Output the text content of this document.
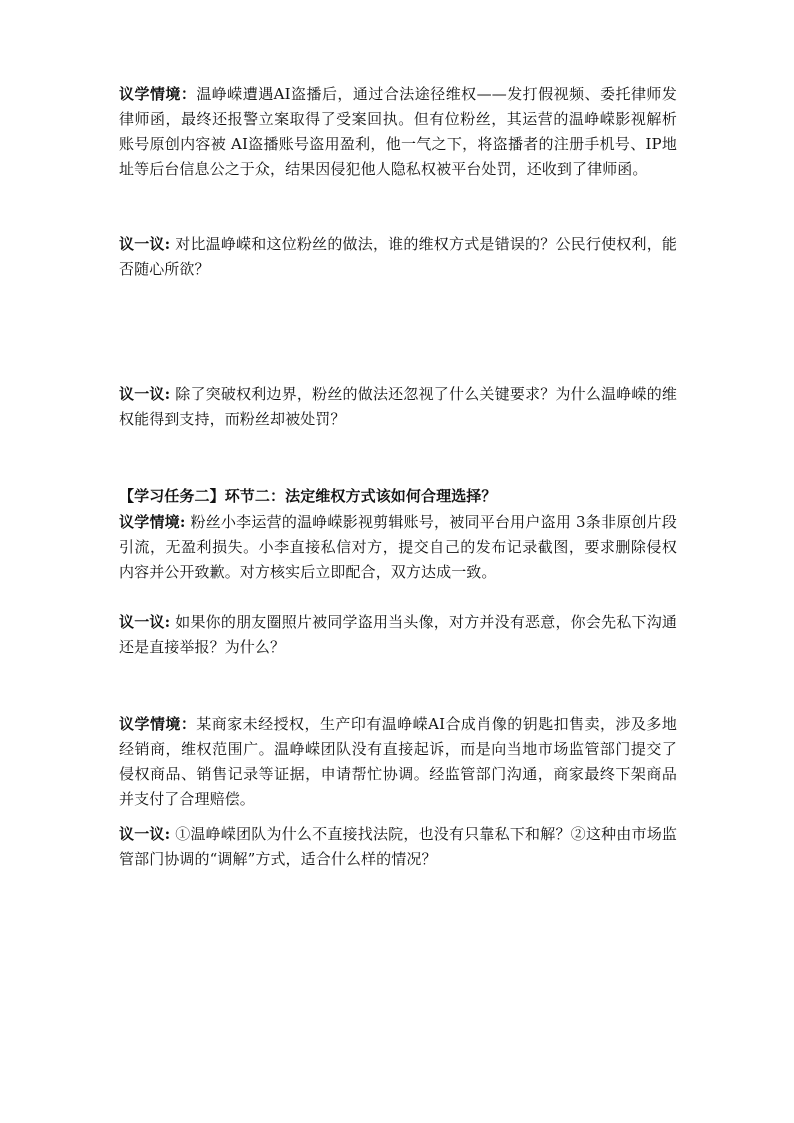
议学情境：温峥嵘遭遇AI盗播后，通过合法途径维权——发打假视频、委托律师发律师函，最终还报警立案取得了受案回执。但有位粉丝，其运营的温峥嵘影视解析账号原创内容被 AI盗播账号盗用盈利，他一气之下，将盗播者的注册手机号、IP地址等后台信息公之于众，结果因侵犯他人隐私权被平台处罚，还收到了律师函。

议一议: 对比温峥嵘和这位粉丝的做法，谁的维权方式是错误的？公民行使权利，能否随心所欲？

议一议: 除了突破权利边界，粉丝的做法还忽视了什么关键要求？为什么温峥嵘的维权能得到支持，而粉丝却被处罚？

【学习任务二】环节二：法定维权方式该如何合理选择？

议学情境: 粉丝小李运营的温峥嵘影视剪辑账号，被同平台用户盗用 3条非原创片段引流，无盈利损失。小李直接私信对方，提交自己的发布记录截图，要求删除侵权内容并公开致歉。对方核实后立即配合，双方达成一致。

议一议: 如果你的朋友圈照片被同学盗用当头像，对方并没有恶意，你会先私下沟通还是直接举报？为什么？

议学情境：某商家未经授权，生产印有温峥嵘AI合成肖像的钥匙扣售卖，涉及多地经销商，维权范围广。温峥嵘团队没有直接起诉，而是向当地市场监管部门提交了侵权商品、销售记录等证据，申请帮忙协调。经监管部门沟通，商家最终下架商品并支付了合理赔偿。

议一议: ①温峥嵘团队为什么不直接找法院，也没有只靠私下和解？②这种由市场监管部门协调的“调解”方式，适合什么样的情况？
